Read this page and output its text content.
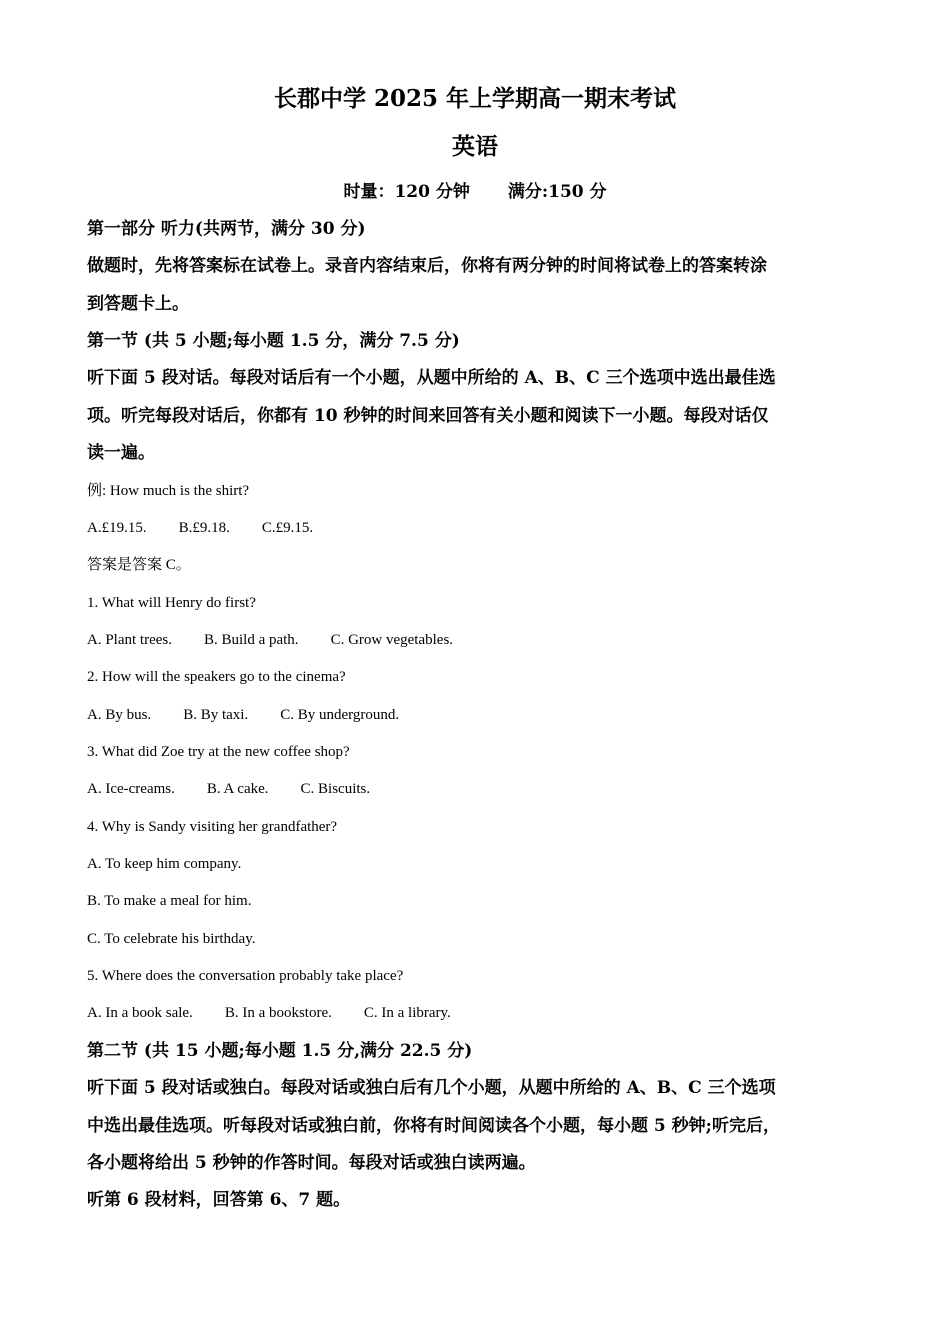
长郡中学 2025 年上学期高一期末考试
英语
时量：120 分钟 满分:150 分
第一部分 听力(共两节，满分 30 分)
做题时，先将答案标在试卷上。录音内容结束后，你将有两分钟的时间将试卷上的答案转涂
到答题卡上。
第一节 (共 5 小题;每小题 1.5 分，满分 7.5 分)
听下面 5 段对话。每段对话后有一个小题，从题中所给的 A、B、C 三个选项中选出最佳选
项。听完每段对话后，你都有 10 秒钟的时间来回答有关小题和阅读下一小题。每段对话仅
读一遍。
例: How much is the shirt?
A.£19.15. B.£9.18. C.£9.15.
答案是答案 C。
1. What will Henry do first?
A. Plant trees. B. Build a path. C. Grow vegetables.
2. How will the speakers go to the cinema?
A. By bus. B. By taxi. C. By underground.
3. What did Zoe try at the new coffee shop?
A. Ice-creams. B. A cake. C. Biscuits.
4. Why is Sandy visiting her grandfather?
A. To keep him company.
B. To make a meal for him.
C. To celebrate his birthday.
5. Where does the conversation probably take place?
A. In a book sale. B. In a bookstore. C. In a library.
第二节 (共 15 小题;每小题 1.5 分,满分 22.5 分)
听下面 5 段对话或独白。每段对话或独白后有几个小题，从题中所给的 A、B、C 三个选项
中选出最佳选项。听每段对话或独白前，你将有时间阅读各个小题，每小题 5 秒钟;听完后，
各小题将给出 5 秒钟的作答时间。每段对话或独白读两遍。
听第 6 段材料，回答第 6、7 题。
